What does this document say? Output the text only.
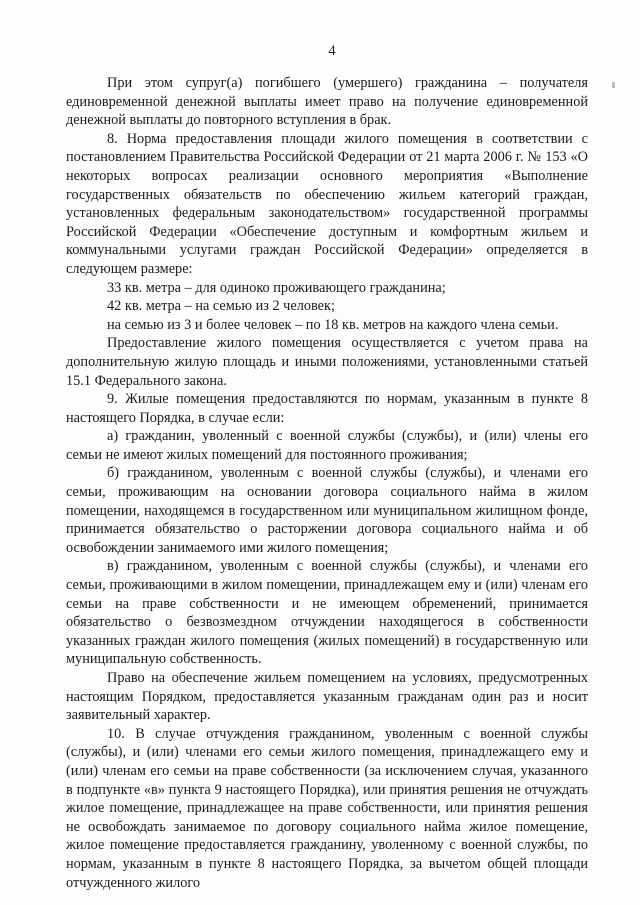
4

При этом супруг(а) погибшего (умершего) гражданина – получателя единовременной денежной выплаты имеет право на получение единовременной денежной выплаты до повторного вступления в брак.

8. Норма предоставления площади жилого помещения в соответствии с постановлением Правительства Российской Федерации от 21 марта 2006 г. № 153 «О некоторых вопросах реализации основного мероприятия «Выполнение государственных обязательств по обеспечению жильем категорий граждан, установленных федеральным законодательством» государственной программы Российской Федерации «Обеспечение доступным и комфортным жильем и коммунальными услугами граждан Российской Федерации» определяется в следующем размере:

33 кв. метра – для одиноко проживающего гражданина;

42 кв. метра – на семью из 2 человек;

на семью из 3 и более человек – по 18 кв. метров на каждого члена семьи.

Предоставление жилого помещения осуществляется с учетом права на дополнительную жилую площадь и иными положениями, установленными статьей 15.1 Федерального закона.

9. Жилые помещения предоставляются по нормам, указанным в пункте 8 настоящего Порядка, в случае если:

а) гражданин, уволенный с военной службы (службы), и (или) члены его семьи не имеют жилых помещений для постоянного проживания;

б) гражданином, уволенным с военной службы (службы), и членами его семьи, проживающим на основании договора социального найма в жилом помещении, находящемся в государственном или муниципальном жилищном фонде, принимается обязательство о расторжении договора социального найма и об освобождении занимаемого ими жилого помещения;

в) гражданином, уволенным с военной службы (службы), и членами его семьи, проживающими в жилом помещении, принадлежащем ему и (или) членам его семьи на праве собственности и не имеющем обременений, принимается обязательство о безвозмездном отчуждении находящегося в собственности указанных граждан жилого помещения (жилых помещений) в государственную или муниципальную собственность.

Право на обеспечение жильем помещением на условиях, предусмотренных настоящим Порядком, предоставляется указанным гражданам один раз и носит заявительный характер.

10. В случае отчуждения гражданином, уволенным с военной службы (службы), и (или) членами его семьи жилого помещения, принадлежащего ему и (или) членам его семьи на праве собственности (за исключением случая, указанного в подпункте «в» пункта 9 настоящего Порядка), или принятия решения не отчуждать жилое помещение, принадлежащее на праве собственности, или принятия решения не освобождать занимаемое по договору социального найма жилое помещение, жилое помещение предоставляется гражданину, уволенному с военной службы, по нормам, указанным в пункте 8 настоящего Порядка, за вычетом общей площади отчужденного жилого
